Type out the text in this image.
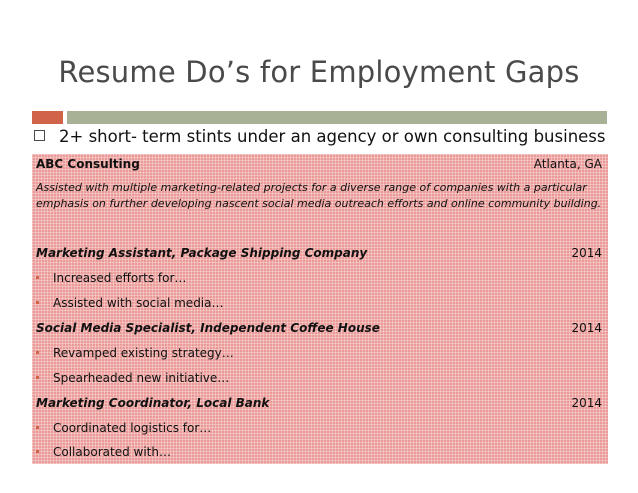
Resume Do’s for Employment Gaps
2+ short- term stints under an agency or own consulting business
ABC Consulting	Atlanta, GA
Assisted with multiple marketing-related projects for a diverse range of companies with a particular emphasis on further developing nascent social media outreach efforts and online community building.
Marketing Assistant, Package Shipping Company	2014
Increased efforts for…
Assisted with social media…
Social Media Specialist, Independent Coffee House	2014
Revamped existing strategy…
Spearheaded new initiative…
Marketing Coordinator, Local Bank	2014
Coordinated logistics for…
Collaborated with…
